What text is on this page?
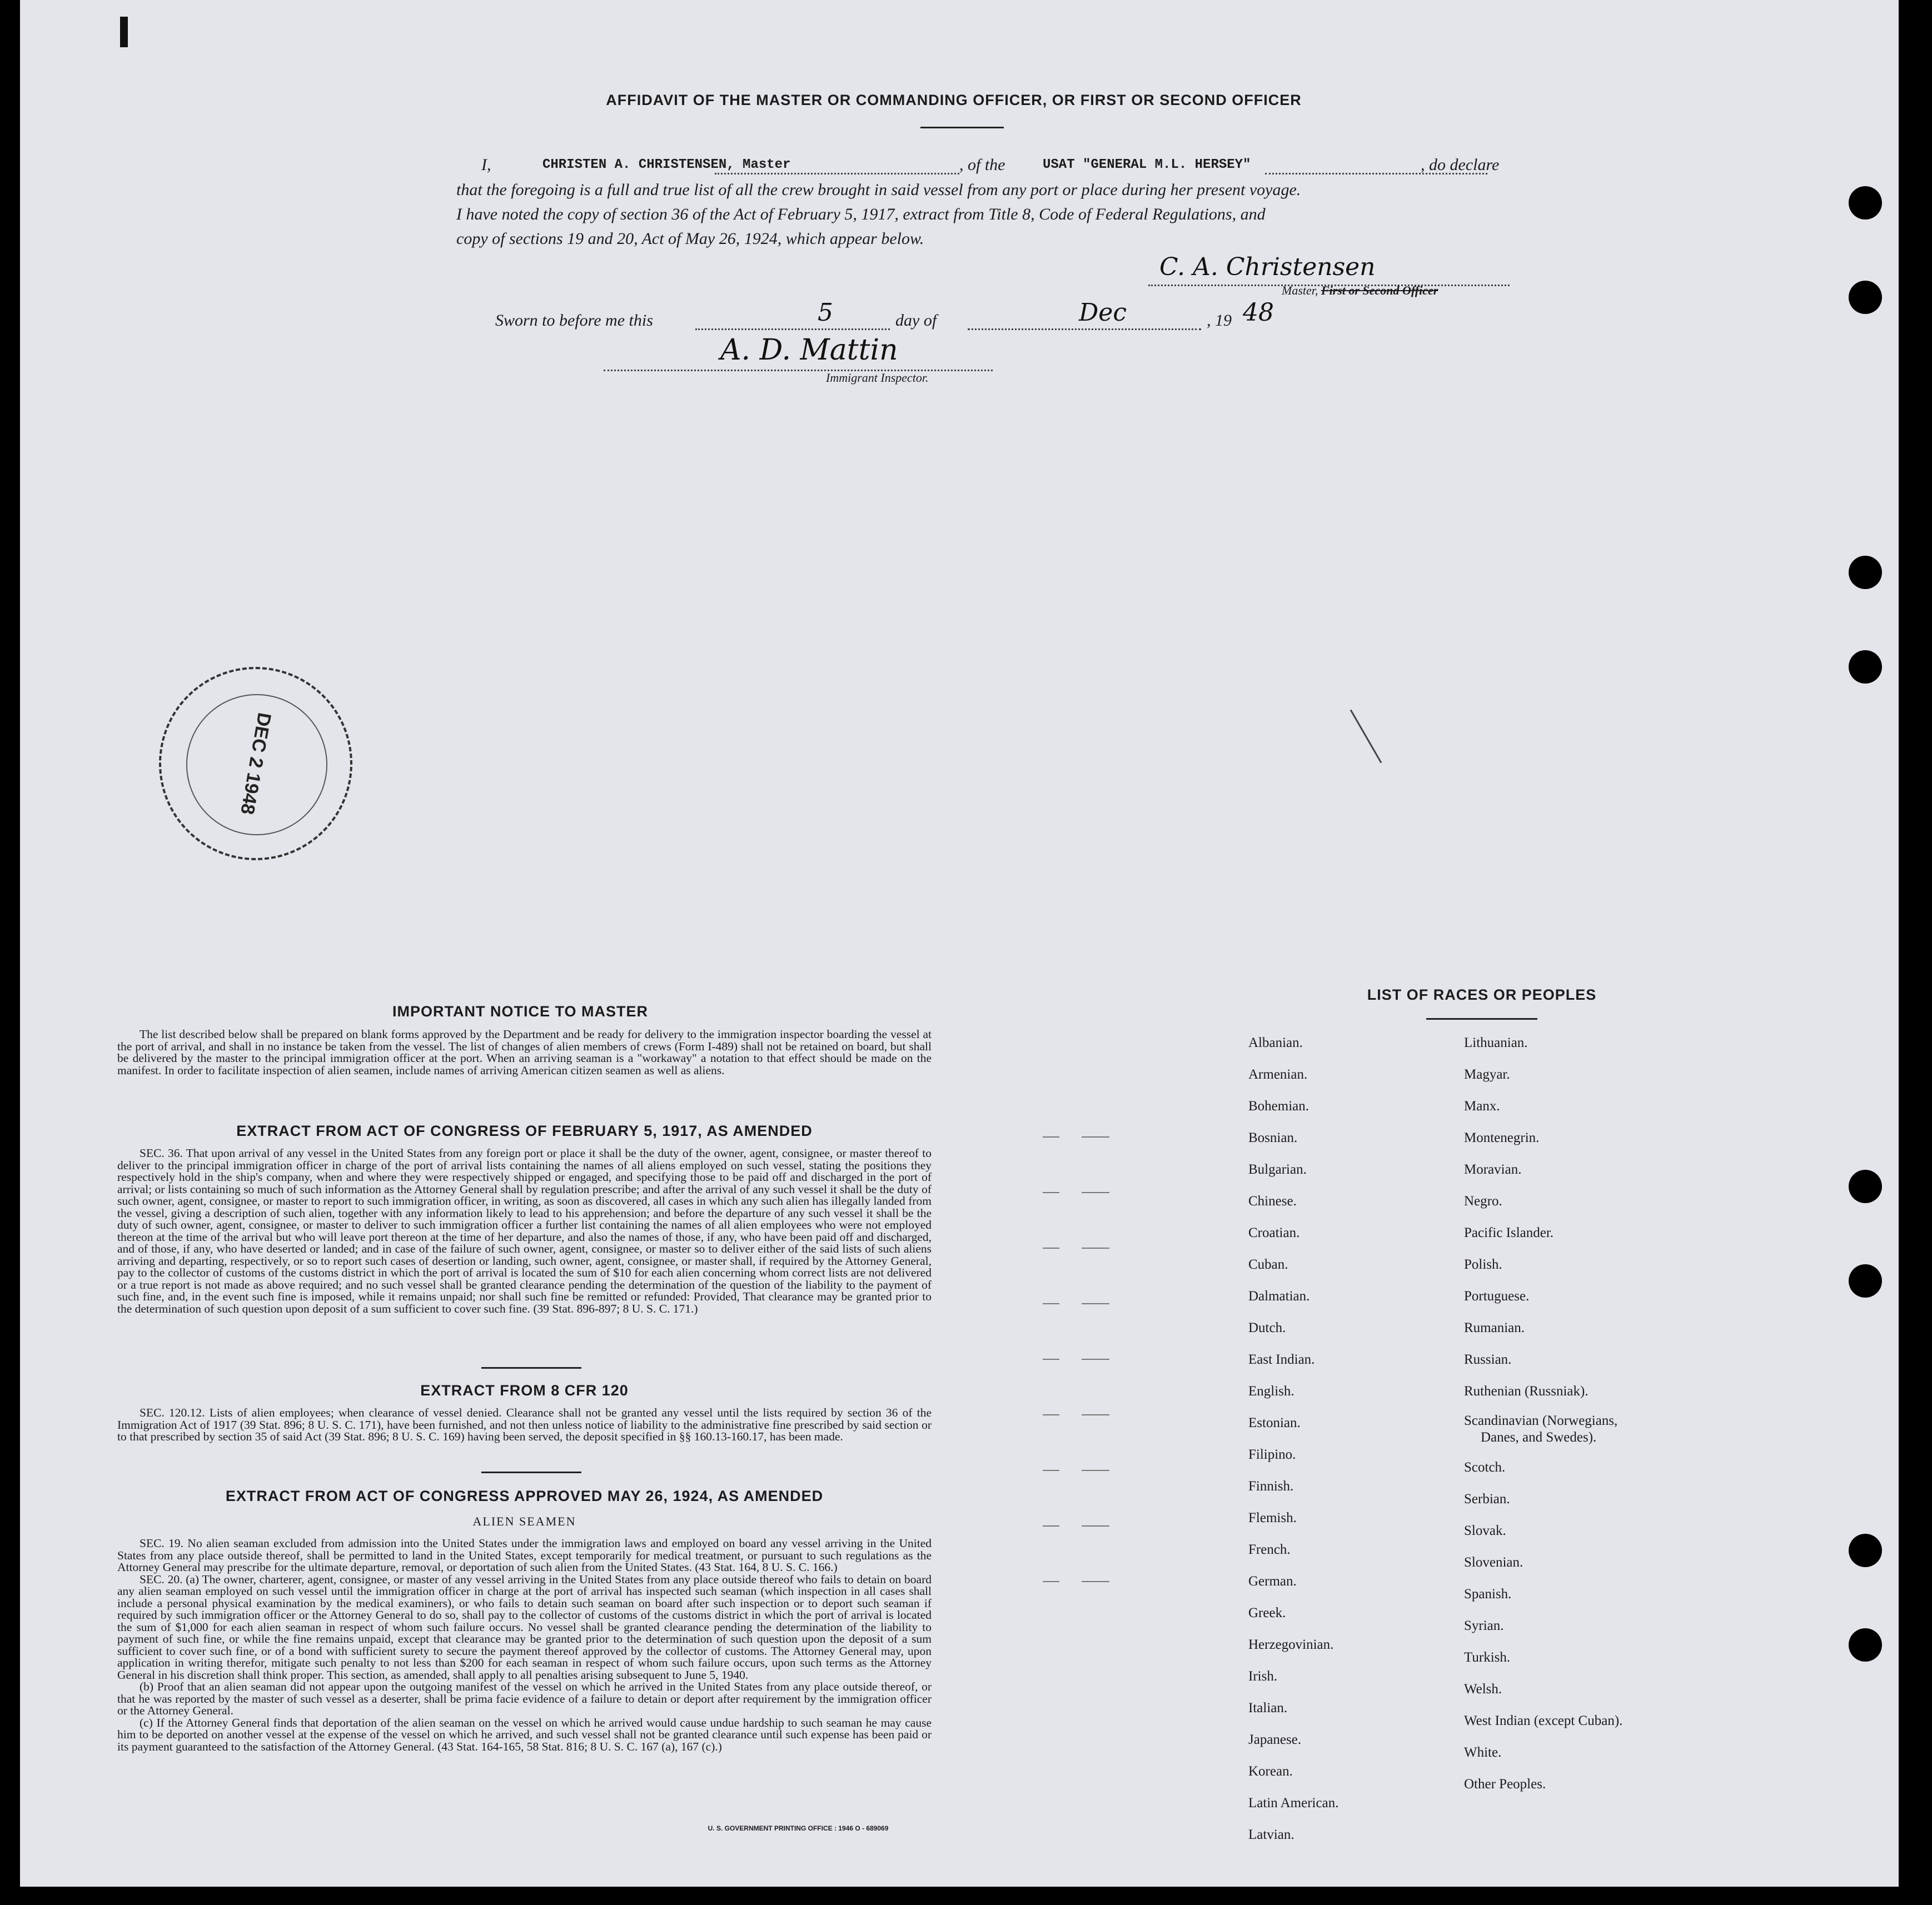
AFFIDAVIT OF THE MASTER OR COMMANDING OFFICER, OR FIRST OR SECOND OFFICER
I,	CHRISTEN A. CHRISTENSEN, Master	, of the	USAT "GENERAL M.L. HERSEY"	, do declare
that the foregoing is a full and true list of all the crew brought in said vessel from any port or place during her present voyage.
I have noted the copy of section 36 of the Act of February 5, 1917, extract from Title 8, Code of Federal Regulations, and
copy of sections 19 and 20, Act of May 26, 1924, which appear below.
C. A. Christensen
Master, First or Second Officer
Sworn to before me this	5	day of	Dec	, 19 48
A. D. Mattin
Immigrant Inspector.
DEC 2 1948
IMPORTANT NOTICE TO MASTER

The list described below shall be prepared on blank forms approved by the Department and be ready for delivery to the immigration inspector boarding the vessel at the port of arrival, and shall in no instance be taken from the vessel. The list of changes of alien members of crews (Form I-489) shall not be retained on board, but shall be delivered by the master to the principal immigration officer at the port. When an arriving seaman is a "workaway" a notation to that effect should be made on the manifest. In order to facilitate inspection of alien seamen, include names of arriving American citizen seamen as well as aliens.

EXTRACT FROM ACT OF CONGRESS OF FEBRUARY 5, 1917, AS AMENDED

SEC. 36. That upon arrival of any vessel in the United States from any foreign port or place it shall be the duty of the owner, agent, consignee, or master thereof to deliver to the principal immigration officer in charge of the port of arrival lists containing the names of all aliens employed on such vessel, stating the positions they respectively hold in the ship's company, when and where they were respectively shipped or engaged, and specifying those to be paid off and discharged in the port of arrival; or lists containing so much of such information as the Attorney General shall by regulation prescribe; and after the arrival of any such vessel it shall be the duty of such owner, agent, consignee, or master to report to such immigration officer, in writing, as soon as discovered, all cases in which any such alien has illegally landed from the vessel, giving a description of such alien, together with any information likely to lead to his apprehension; and before the departure of any such vessel it shall be the duty of such owner, agent, consignee, or master to deliver to such immigration officer a further list containing the names of all alien employees who were not employed thereon at the time of the arrival but who will leave port thereon at the time of her departure, and also the names of those, if any, who have been paid off and discharged, and of those, if any, who have deserted or landed; and in case of the failure of such owner, agent, consignee, or master so to deliver either of the said lists of such aliens arriving and departing, respectively, or so to report such cases of desertion or landing, such owner, agent, consignee, or master shall, if required by the Attorney General, pay to the collector of customs of the customs district in which the port of arrival is located the sum of $10 for each alien concerning whom correct lists are not delivered or a true report is not made as above required; and no such vessel shall be granted clearance pending the determination of the question of the liability to the payment of such fine, and, in the event such fine is imposed, while it remains unpaid; nor shall such fine be remitted or refunded: Provided, That clearance may be granted prior to the determination of such question upon deposit of a sum sufficient to cover such fine. (39 Stat. 896-897; 8 U. S. C. 171.)

EXTRACT FROM 8 CFR 120

SEC. 120.12. Lists of alien employees; when clearance of vessel denied. Clearance shall not be granted any vessel until the lists required by section 36 of the Immigration Act of 1917 (39 Stat. 896; 8 U. S. C. 171), have been furnished, and not then unless notice of liability to the administrative fine prescribed by said section or to that prescribed by section 35 of said Act (39 Stat. 896; 8 U. S. C. 169) having been served, the deposit specified in §§ 160.13-160.17, has been made.

EXTRACT FROM ACT OF CONGRESS APPROVED MAY 26, 1924, AS AMENDED
ALIEN SEAMEN

SEC. 19. No alien seaman excluded from admission into the United States under the immigration laws and employed on board any vessel arriving in the United States from any place outside thereof, shall be permitted to land in the United States, except temporarily for medical treatment, or pursuant to such regulations as the Attorney General may prescribe for the ultimate departure, removal, or deportation of such alien from the United States. (43 Stat. 164, 8 U. S. C. 166.)

SEC. 20. (a) The owner, charterer, agent, consignee, or master of any vessel arriving in the United States from any place outside thereof who fails to detain on board any alien seaman employed on such vessel until the immigration officer in charge at the port of arrival has inspected such seaman (which inspection in all cases shall include a personal physical examination by the medical examiners), or who fails to detain such seaman on board after such inspection or to deport such seaman if required by such immigration officer or the Attorney General to do so, shall pay to the collector of customs of the customs district in which the port of arrival is located the sum of $1,000 for each alien seaman in respect of whom such failure occurs. No vessel shall be granted clearance pending the determination of the liability to payment of such fine, or while the fine remains unpaid, except that clearance may be granted prior to the determination of such question upon the deposit of a sum sufficient to cover such fine, or of a bond with sufficient surety to secure the payment thereof approved by the collector of customs. The Attorney General may, upon application in writing therefor, mitigate such penalty to not less than $200 for each seaman in respect of whom such failure occurs, upon such terms as the Attorney General in his discretion shall think proper. This section, as amended, shall apply to all penalties arising subsequent to June 5, 1940.

(b) Proof that an alien seaman did not appear upon the outgoing manifest of the vessel on which he arrived in the United States from any place outside thereof, or that he was reported by the master of such vessel as a deserter, shall be prima facie evidence of a failure to detain or deport after requirement by the immigration officer or the Attorney General.

(c) If the Attorney General finds that deportation of the alien seaman on the vessel on which he arrived would cause undue hardship to such seaman he may cause him to be deported on another vessel at the expense of the vessel on which he arrived, and such vessel shall not be granted clearance until such expense has been paid or its payment guaranteed to the satisfaction of the Attorney General. (43 Stat. 164-165, 58 Stat. 816; 8 U. S. C. 167 (a), 167 (c).)

U. S. GOVERNMENT PRINTING OFFICE : 1946 O - 689069
LIST OF RACES OR PEOPLES
Albanian.
Armenian.
Bohemian.
Bosnian.
Bulgarian.
Chinese.
Croatian.
Cuban.
Dalmatian.
Dutch.
East Indian.
English.
Estonian.
Filipino.
Finnish.
Flemish.
French.
German.
Greek.
Herzegovinian.
Irish.
Italian.
Japanese.
Korean.
Latin American.
Latvian.
Lithuanian.
Magyar.
Manx.
Montenegrin.
Moravian.
Negro.
Pacific Islander.
Polish.
Portuguese.
Rumanian.
Russian.
Ruthenian (Russniak).
Scandinavian (Norwegians,
Danes, and Swedes).
Scotch.
Serbian.
Slovak.
Slovenian.
Spanish.
Syrian.
Turkish.
Welsh.
West Indian (except Cuban).
White.
Other Peoples.
